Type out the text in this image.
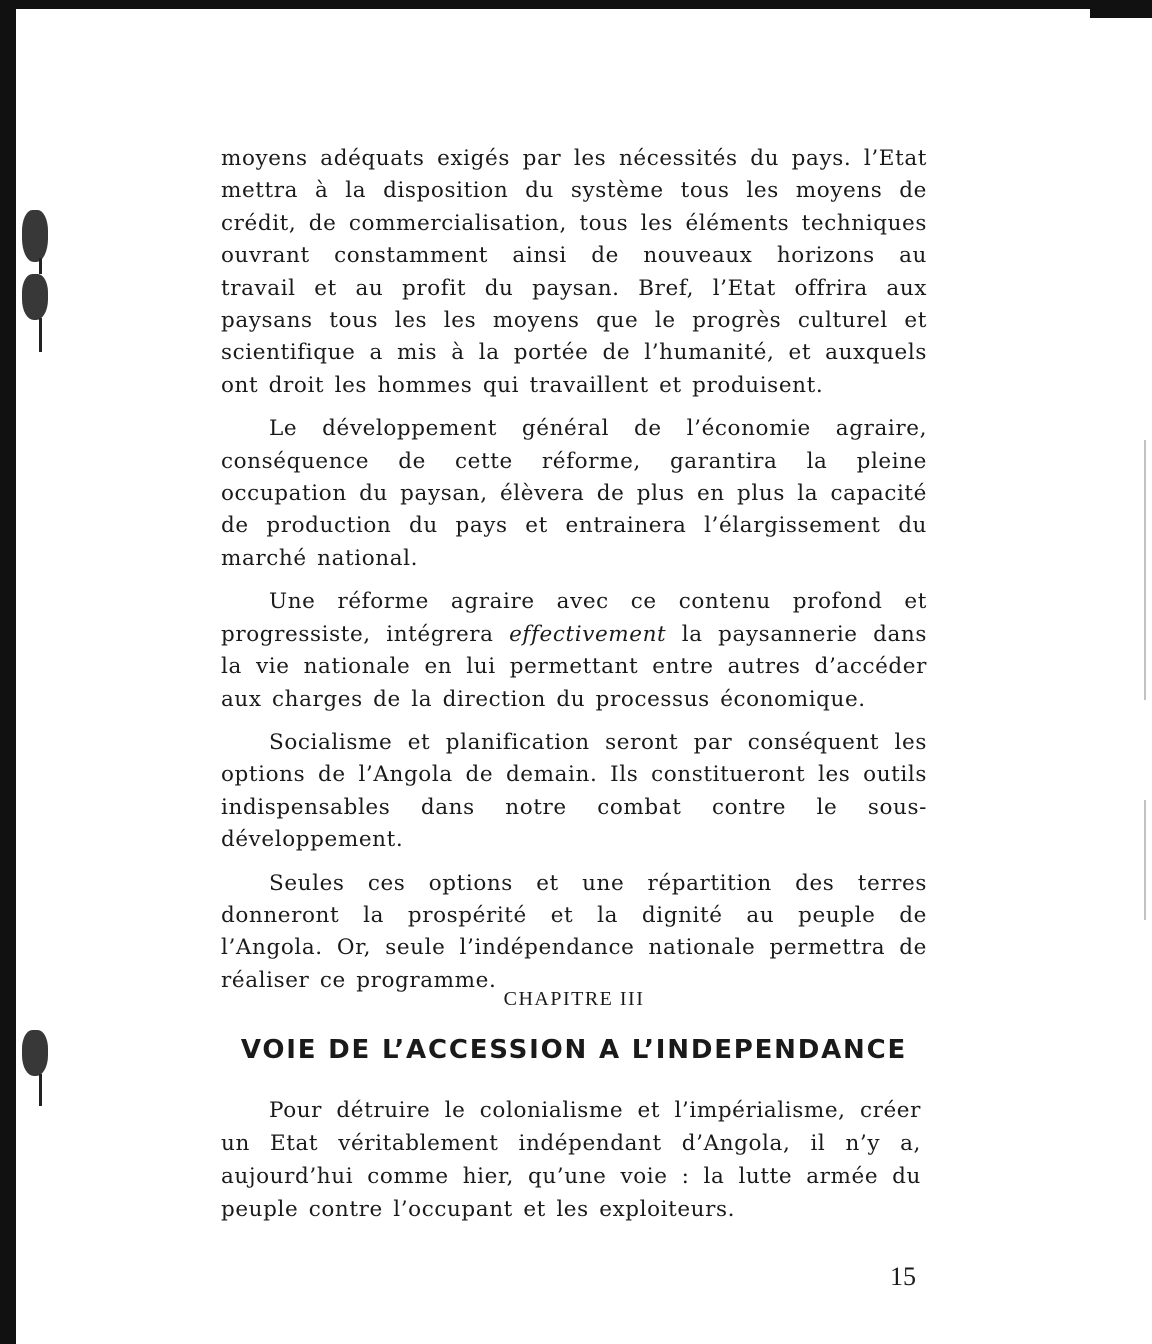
moyens adéquats exigés par les nécessités du pays. l’Etat mettra à la disposition du système tous les moyens de crédit, de commercialisation, tous les éléments techniques ouvrant constamment ainsi de nouveaux horizons au travail et au profit du paysan. Bref, l’Etat offrira aux paysans tous les les moyens que le progrès culturel et scientifique a mis à la portée de l’humanité, et auxquels ont droit les hommes qui travaillent et produisent.

Le développement général de l’économie agraire, conséquence de cette réforme, garantira la pleine occupation du paysan, élèvera de plus en plus la capacité de production du pays et entrainera l’élargissement du marché national.

Une réforme agraire avec ce contenu profond et progressiste, intégrera effectivement la paysannerie dans la vie nationale en lui permettant entre autres d’accéder aux charges de la direction du processus économique.

Socialisme et planification seront par conséquent les options de l’Angola de demain. Ils constitueront les outils indispensables dans notre combat contre le sous-développement.

Seules ces options et une répartition des terres donneront la prospérité et la dignité au peuple de l’Angola. Or, seule l’indépendance nationale permettra de réaliser ce programme.

CHAPITRE III
VOIE DE L’ACCESSION A L’INDEPENDANCE

Pour détruire le colonialisme et l’impérialisme, créer un Etat véritablement indépendant d’Angola, il n’y a, aujourd’hui comme hier, qu’une voie : la lutte armée du peuple contre l’occupant et les exploiteurs.

15
